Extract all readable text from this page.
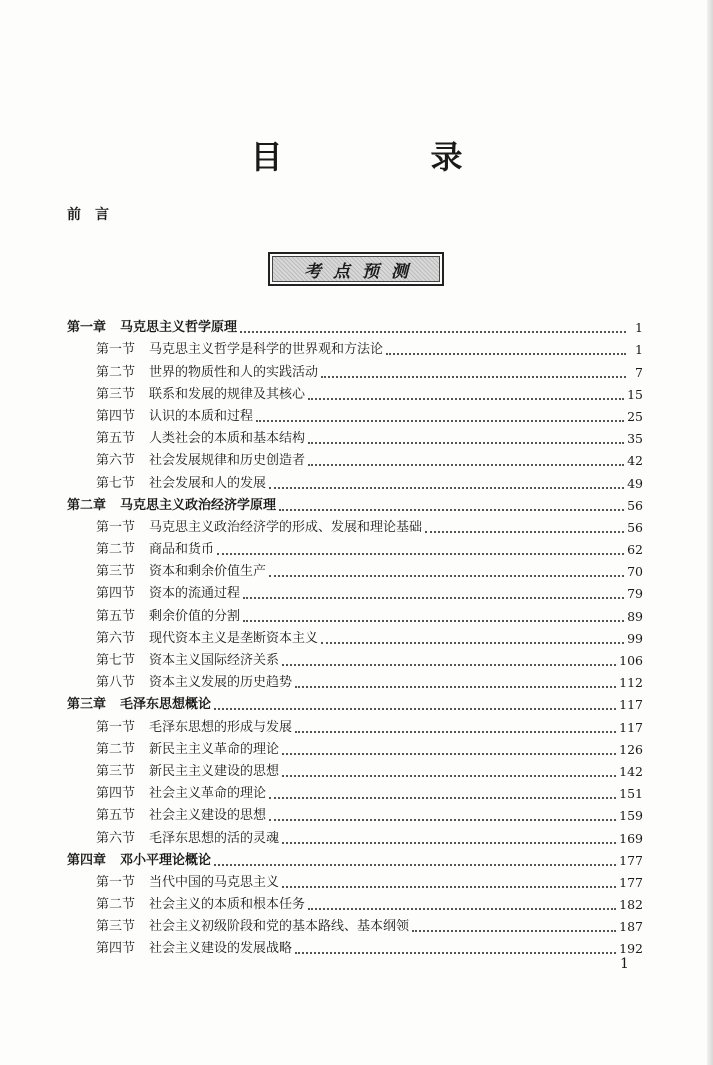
目　录
前言
考点预测
第一章	马克思主义哲学原理	1
第一节	马克思主义哲学是科学的世界观和方法论	1
第二节	世界的物质性和人的实践活动	7
第三节	联系和发展的规律及其核心	15
第四节	认识的本质和过程	25
第五节	人类社会的本质和基本结构	35
第六节	社会发展规律和历史创造者	42
第七节	社会发展和人的发展	49
第二章	马克思主义政治经济学原理	56
第一节	马克思主义政治经济学的形成、发展和理论基础	56
第二节	商品和货币	62
第三节	资本和剩余价值生产	70
第四节	资本的流通过程	79
第五节	剩余价值的分割	89
第六节	现代资本主义是垄断资本主义	99
第七节	资本主义国际经济关系	106
第八节	资本主义发展的历史趋势	112
第三章	毛泽东思想概论	117
第一节	毛泽东思想的形成与发展	117
第二节	新民主主义革命的理论	126
第三节	新民主主义建设的思想	142
第四节	社会主义革命的理论	151
第五节	社会主义建设的思想	159
第六节	毛泽东思想的活的灵魂	169
第四章	邓小平理论概论	177
第一节	当代中国的马克思主义	177
第二节	社会主义的本质和根本任务	182
第三节	社会主义初级阶段和党的基本路线、基本纲领	187
第四节	社会主义建设的发展战略	192
1
